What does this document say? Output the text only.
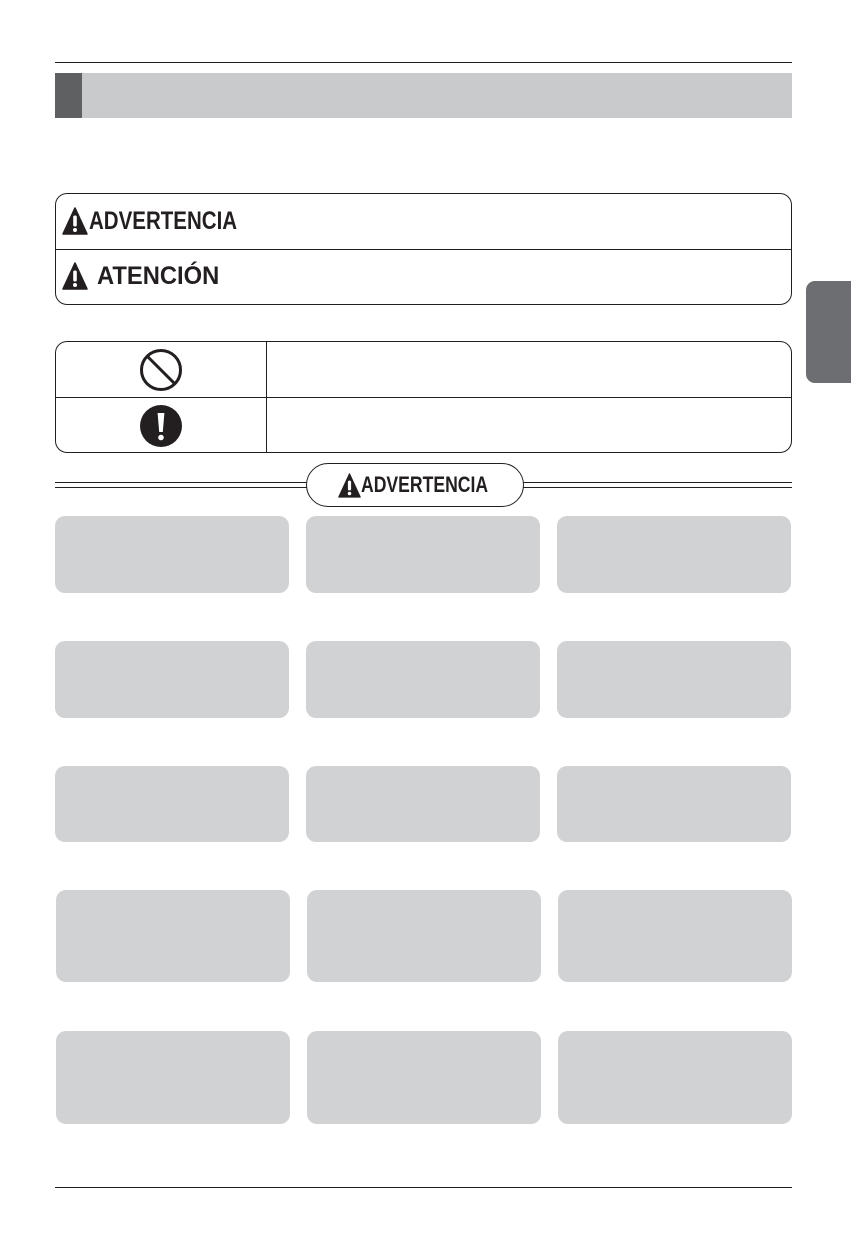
ADVERTENCIA
ATENCIÓN
ADVERTENCIA
